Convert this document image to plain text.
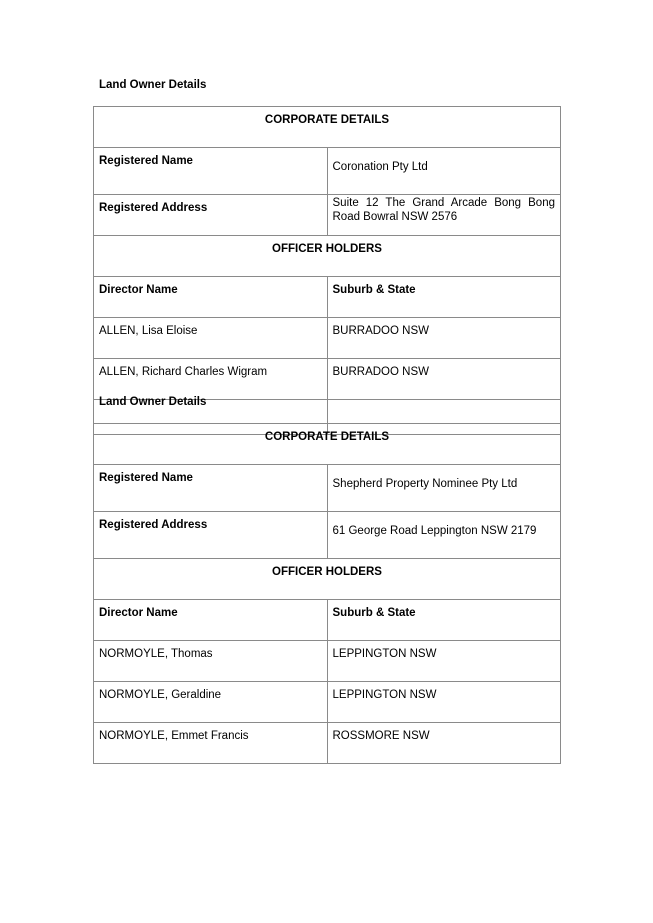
Land Owner Details
CORPORATE DETAILS	
Registered Name	Coronation Pty Ltd
Registered Address	Suite 12 The Grand Arcade Bong Bong Road Bowral NSW 2576
OFFICER HOLDERS	
Director Name	Suburb & State
ALLEN, Lisa Eloise	BURRADOO NSW
ALLEN, Richard Charles Wigram	BURRADOO NSW

Land Owner Details
CORPORATE DETAILS	
Registered Name	Shepherd Property Nominee Pty Ltd
Registered Address	61 George Road Leppington NSW 2179
OFFICER HOLDERS	
Director Name	Suburb & State
NORMOYLE, Thomas	LEPPINGTON NSW
NORMOYLE, Geraldine	LEPPINGTON NSW
NORMOYLE, Emmet Francis	ROSSMORE NSW
